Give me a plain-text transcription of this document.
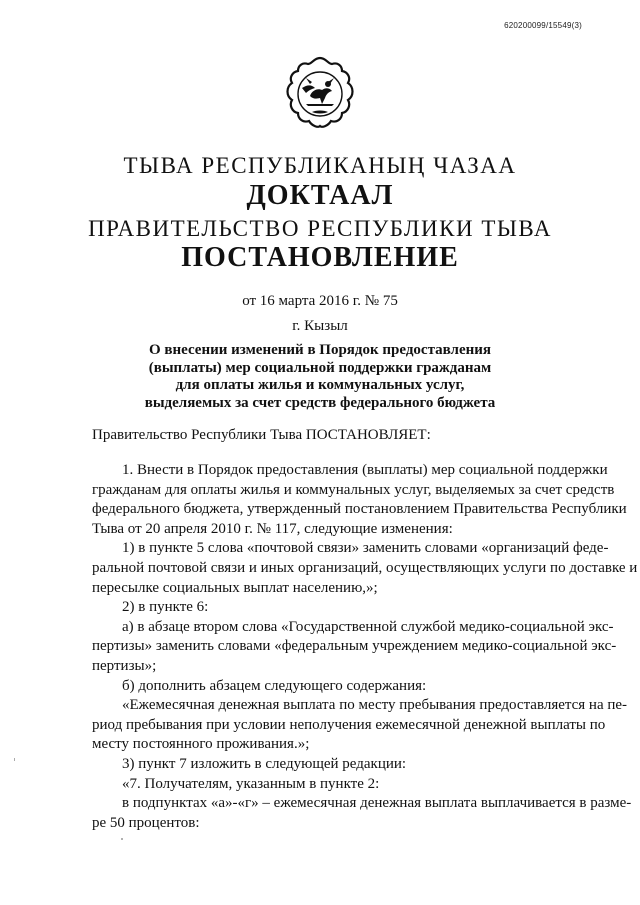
620200099/15549(3)
ТЫВА РЕСПУБЛИКАНЫҢ ЧАЗАА
ДОКТААЛ
ПРАВИТЕЛЬСТВО РЕСПУБЛИКИ ТЫВА
ПОСТАНОВЛЕНИЕ
от 16 марта 2016 г. № 75
г. Кызыл
О внесении изменений в Порядок предоставления
(выплаты) мер социальной поддержки гражданам
для оплаты жилья и коммунальных услуг,
выделяемых за счет средств федерального бюджета
Правительство Республики Тыва ПОСТАНОВЛЯЕТ:
1. Внести в Порядок предоставления (выплаты) мер социальной поддержки
гражданам для оплаты жилья и коммунальных услуг, выделяемых за счет средств
федерального бюджета, утвержденный постановлением Правительства Республики
Тыва от 20 апреля 2010 г. № 117, следующие изменения:
1) в пункте 5 слова «почтовой связи» заменить словами «организаций феде-
ральной почтовой связи и иных организаций, осуществляющих услуги по доставке и
пересылке социальных выплат населению,»;
2) в пункте 6:
а) в абзаце втором слова «Государственной службой медико-социальной экс-
пертизы» заменить словами «федеральным учреждением медико-социальной экс-
пертизы»;
б) дополнить абзацем следующего содержания:
«Ежемесячная денежная выплата по месту пребывания предоставляется на пе-
риод пребывания при условии неполучения ежемесячной денежной выплаты по
месту постоянного проживания.»;
3) пункт 7 изложить в следующей редакции:
«7. Получателям, указанным в пункте 2:
в подпунктах «а»-«г» – ежемесячная денежная выплата выплачивается в разме-
ре 50 процентов:
